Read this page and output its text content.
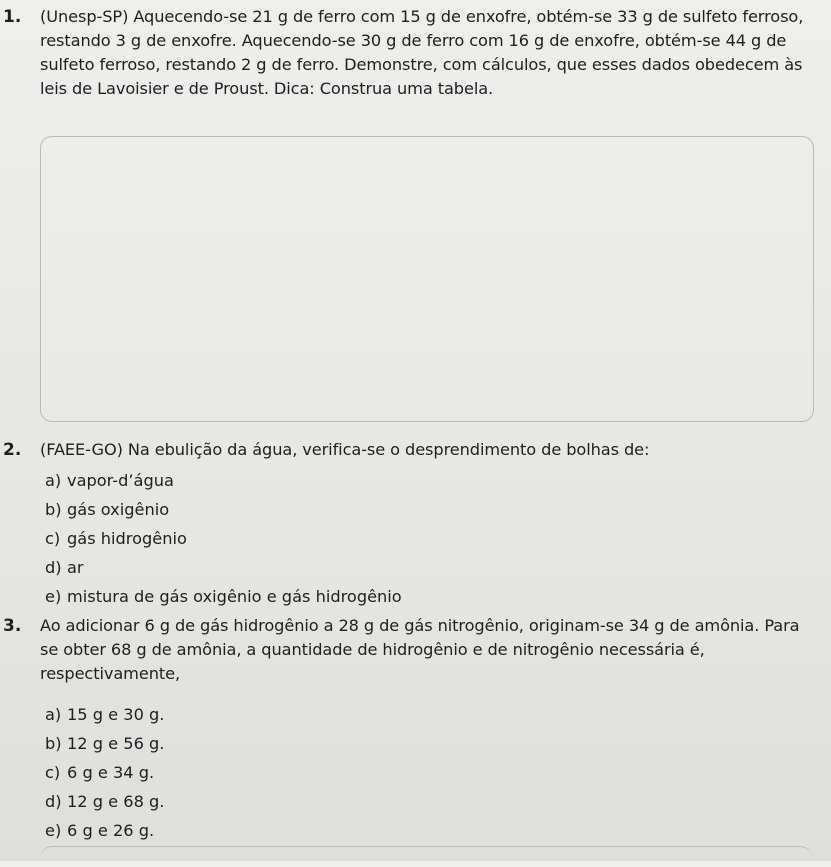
1. (Unesp-SP) Aquecendo-se 21 g de ferro com 15 g de enxofre, obtém-se 33 g de sulfeto ferroso, restando 3 g de enxofre. Aquecendo-se 30 g de ferro com 16 g de enxofre, obtém-se 44 g de sulfeto ferroso, restando 2 g de ferro. Demonstre, com cálculos, que esses dados obedecem às leis de Lavoisier e de Proust. Dica: Construa uma tabela.
2. (FAEE-GO) Na ebulição da água, verifica-se o desprendimento de bolhas de:
a) vapor-d’água
b) gás oxigênio
c) gás hidrogênio
d) ar
e) mistura de gás oxigênio e gás hidrogênio
3. Ao adicionar 6 g de gás hidrogênio a 28 g de gás nitrogênio, originam-se 34 g de amônia. Para se obter 68 g de amônia, a quantidade de hidrogênio e de nitrogênio necessária é, respectivamente,
a) 15 g e 30 g.
b) 12 g e 56 g.
c) 6 g e 34 g.
d) 12 g e 68 g.
e) 6 g e 26 g.
